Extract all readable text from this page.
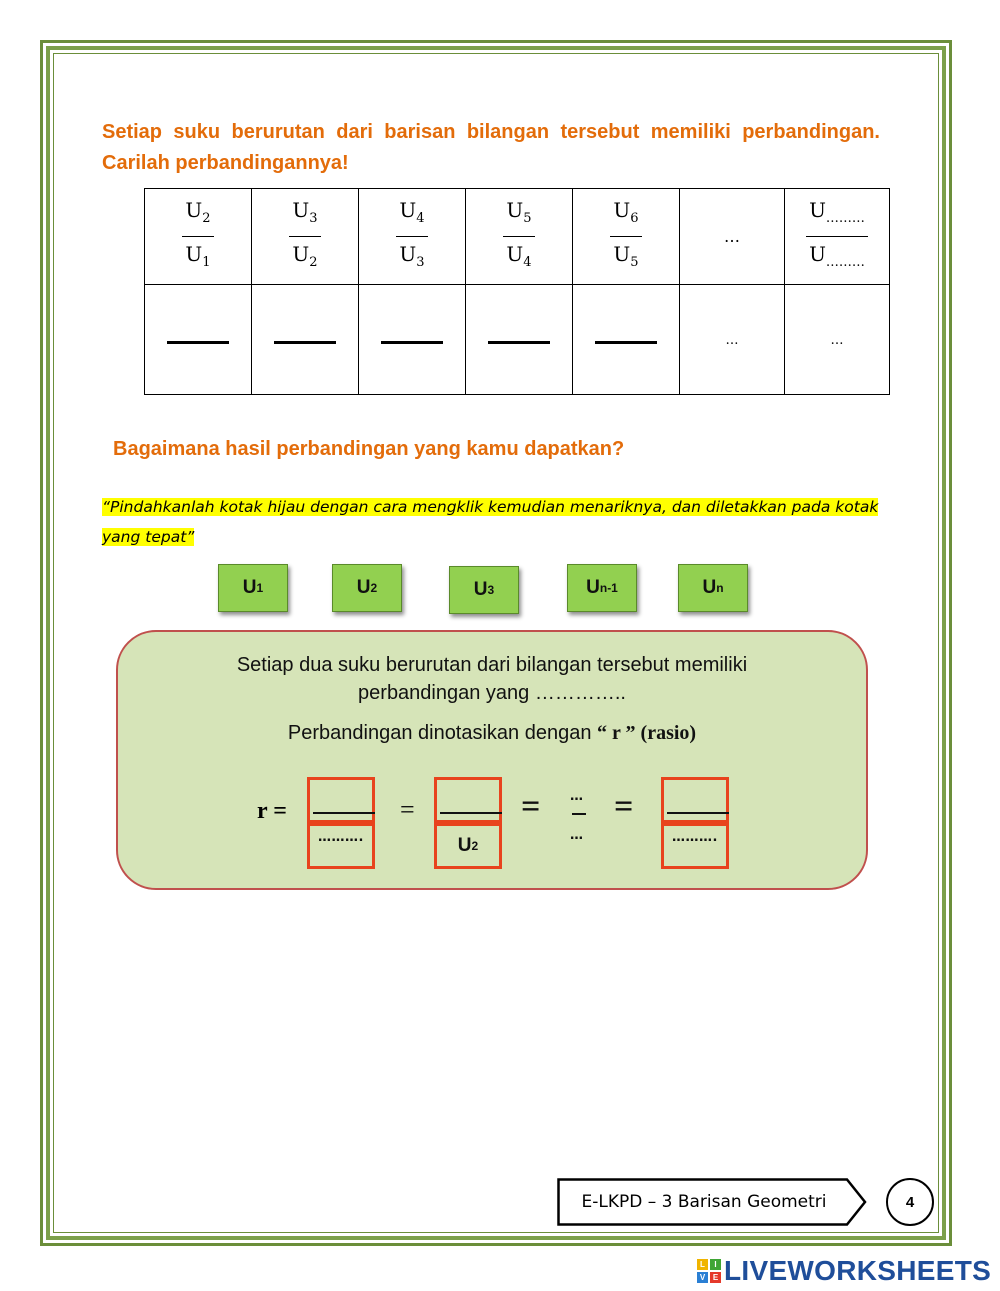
Setiap suku berurutan dari barisan bilangan tersebut memiliki perbandingan. Carilah perbandingannya!
$\frac{U_2}{U_1}$	$\frac{U_3}{U_2}$	$\frac{U_4}{U_3}$	$\frac{U_5}{U_4}$	$\frac{U_6}{U_5}$	…	$\frac{U_{\dots\dots\dots}}{U_{\dots\dots\dots}}$

					…	…
Bagaimana hasil perbandingan yang kamu dapatkan?
“Pindahkanlah kotak hijau dengan cara mengklik kemudian menariknya, dan diletakkan pada kotak yang tepat”
U 1	U 2	U 3	U n-1	U n
Setiap dua suku berurutan dari bilangan tersebut memiliki
perbandingan yang …………..
Perbandingan dinotasikan dengan “ r ” (rasio)
r =
……….
=
U 2
= …
…
=
……….
E-LKPD – 3 Barisan Geometri	4
L	I
V E LIVEWORKSHEETS
